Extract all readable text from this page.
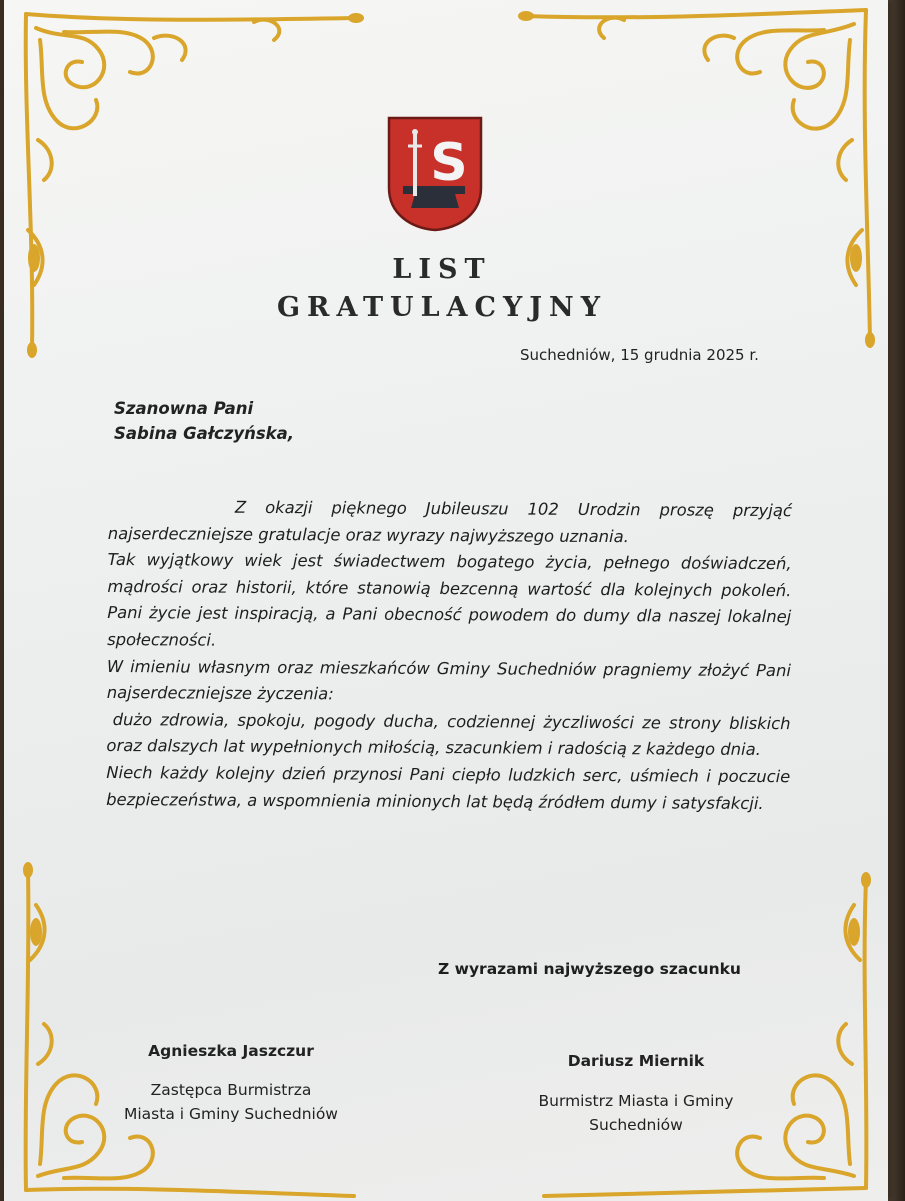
S
LIST
GRATULACYJNY
Suchedniów, 15 grudnia 2025 r.
Szanowna Pani
Sabina Gałczyńska,

Z okazji pięknego Jubileuszu 102 Urodzin proszę przyjąć najserdeczniejsze gratulacje oraz wyrazy najwyższego uznania.

Tak wyjątkowy wiek jest świadectwem bogatego życia, pełnego doświadczeń, mądrości oraz historii, które stanowią bezcenną wartość dla kolejnych pokoleń. Pani życie jest inspiracją, a Pani obecność powodem do dumy dla naszej lokalnej społeczności.

W imieniu własnym oraz mieszkańców Gminy Suchedniów pragniemy złożyć Pani najserdeczniejsze życzenia:

dużo zdrowia, spokoju, pogody ducha, codziennej życzliwości ze strony bliskich oraz dalszych lat wypełnionych miłością, szacunkiem i radością z każdego dnia.

Niech każdy kolejny dzień przynosi Pani ciepło ludzkich serc, uśmiech i poczucie bezpieczeństwa, a wspomnienia minionych lat będą źródłem dumy i satysfakcji.

Z wyrazami najwyższego szacunku
Agnieszka Jaszczur
Zastępca Burmistrza
Miasta i Gminy Suchedniów
Dariusz Miernik
Burmistrz Miasta i Gminy
Suchedniów
